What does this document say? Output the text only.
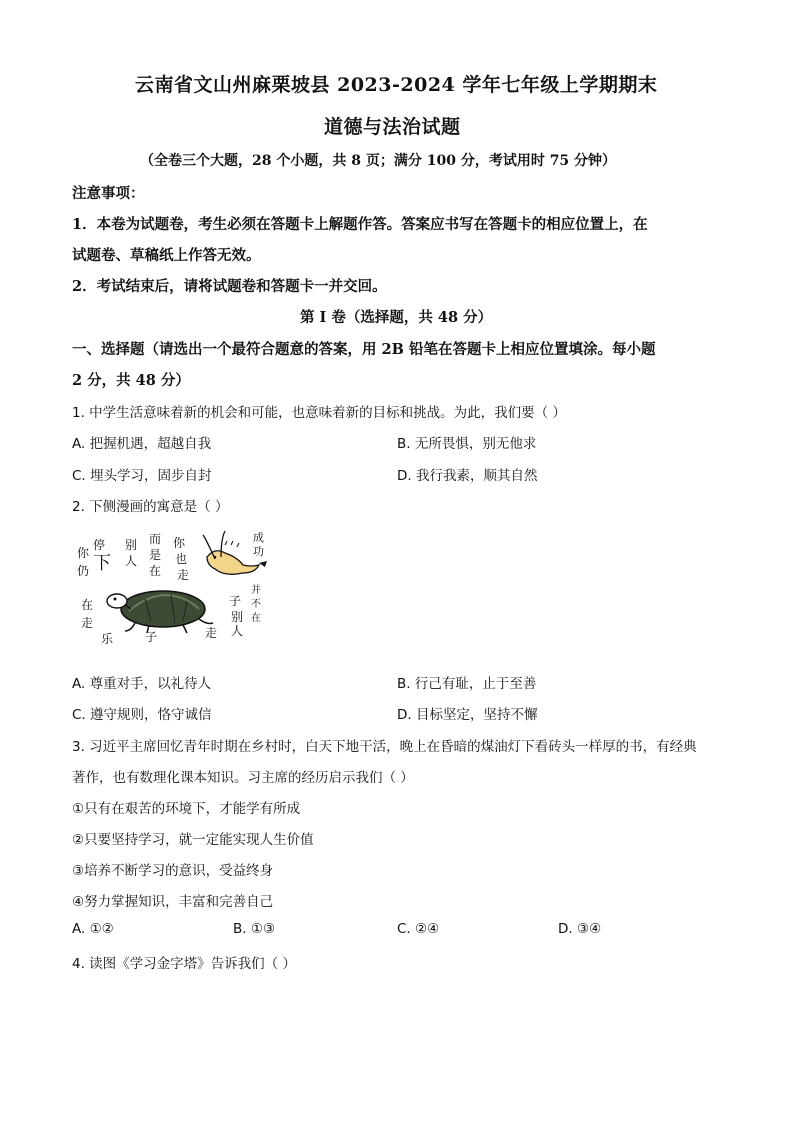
云南省文山州麻栗坡县 2023-2024 学年七年级上学期期末
道德与法治试题
（全卷三个大题，28 个小题，共 8 页；满分 100 分，考试用时 75 分钟）
注意事项：
1．本卷为试题卷，考生必须在答题卡上解题作答。答案应书写在答题卡的相应位置上，在
试题卷、草稿纸上作答无效。
2．考试结束后，请将试题卷和答题卡一并交回。
第 I 卷（选择题，共 48 分）
一、选择题（请选出一个最符合题意的答案，用 2B 铅笔在答题卡上相应位置填涂。每小题
2 分，共 48 分）
1. 中学生活意味着新的机会和可能，也意味着新的目标和挑战。为此，我们要（ ）
A. 把握机遇，超越自我	B. 无所畏惧，别无他求
C. 埋头学习，固步自封	D. 我行我素，顺其自然
2. 下侧漫画的寓意是（ ）
你
仍
停
下
别
人
而
是
在
你
也
走
成
功
子
并
不
在
别
人
在
走
乐	子	走
A. 尊重对手，以礼待人	B. 行己有耻，止于至善
C. 遵守规则，恪守诚信	D. 目标坚定，坚持不懈
3. 习近平主席回忆青年时期在乡村时，白天下地干活，晚上在昏暗的煤油灯下看砖头一样厚的书，有经典
著作，也有数理化课本知识。习主席的经历启示我们（ ）
①只有在艰苦的环境下，才能学有所成
②只要坚持学习，就一定能实现人生价值
③培养不断学习的意识，受益终身
④努力掌握知识，丰富和完善自己
A. ①②	B. ①③	C. ②④	D. ③④
4. 读图《学习金字塔》告诉我们（ ）
